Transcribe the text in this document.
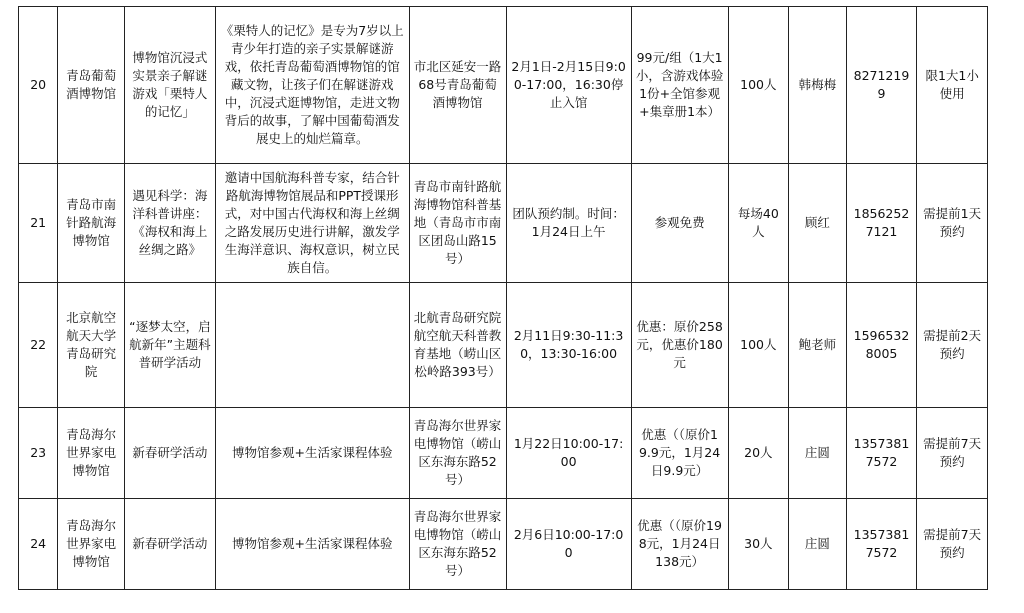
20	青岛葡萄酒博物馆	博物馆沉浸式实景亲子解谜游戏「栗特人的记忆」	《栗特人的记忆》是专为7岁以上青少年打造的亲子实景解谜游戏，依托青岛葡萄酒博物馆的馆藏文物，让孩子们在解谜游戏中，沉浸式逛博物馆，走进文物背后的故事，了解中国葡萄酒发展史上的灿烂篇章。	市北区延安一路68号青岛葡萄酒博物馆	2月1日-2月15日9:00-17:00，16:30停止入馆	99元/组（1大1小，含游戏体验1份+全馆参观+集章册1本）	100人	韩梅梅	82712199	限1大1小使用
21	青岛市南针路航海博物馆	遇见科学：海洋科普讲座：《海权和海上丝绸之路》	邀请中国航海科普专家，结合针路航海博物馆展品和PPT授课形式，对中国古代海权和海上丝绸之路发展历史进行讲解，激发学生海洋意识、海权意识，树立民族自信。	青岛市南针路航海博物馆科普基地（青岛市市南区团岛山路15号）	团队预约制。时间：1月24日上午	参观免费	每场40人	顾红	18562527121	需提前1天预约
22	北京航空航天大学青岛研究院	“逐梦太空，启航新年”主题科普研学活动		北航青岛研究院航空航天科普教育基地（崂山区松岭路393号）	2月11日9:30-11:30，13:30-16:00	优惠：原价258元，优惠价180元	100人	鲍老师	15965328005	需提前2天预约
23	青岛海尔世界家电博物馆	新春研学活动	博物馆参观+生活家课程体验	青岛海尔世界家电博物馆（崂山区东海东路52号）	1月22日10:00-17:00	优惠（（原价19.9元，1月24日9.9元）	20人	庄圆	13573817572	需提前7天预约
24	青岛海尔世界家电博物馆	新春研学活动	博物馆参观+生活家课程体验	青岛海尔世界家电博物馆（崂山区东海东路52号）	2月6日10:00-17:00	优惠（（原价198元，1月24日138元）	30人	庄圆	13573817572	需提前7天预约
